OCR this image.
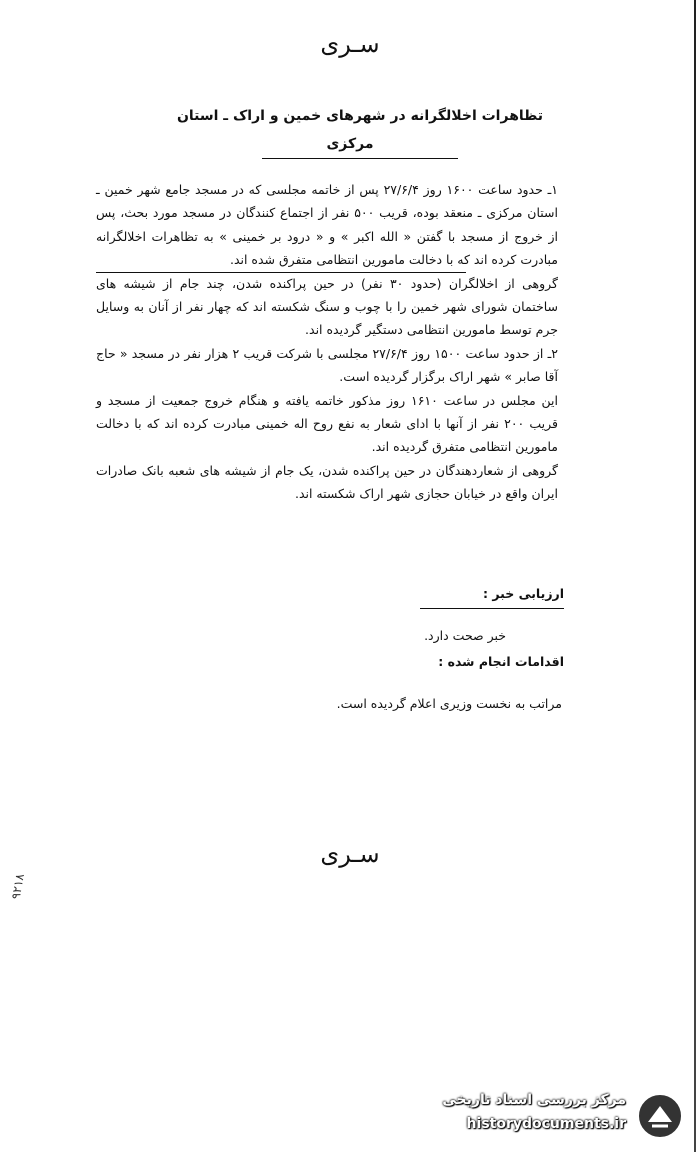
سـری
تظاهرات اخلالگرانه در شهرهای خمین و اراک ـ استان
مرکزی

۱ـ حدود ساعت ۱۶۰۰ روز ۲۷/۶/۴ پس از خاتمه مجلسی که در مسجد جامع شهر خمین ـ استان مرکزی ـ منعقد بوده، قریب ۵۰۰ نفر از اجتماع کنندگان در مسجد مورد بحث، پس از خروج از مسجد با گفتن « الله اکبر » و « درود بر خمینی » به تظاهرات اخلالگرانه مبادرت کرده اند که با دخالت مامورین انتظامی متفرق شده اند.

گروهی از اخلالگران (حدود ۳۰ نفر) در حین پراکنده شدن، چند جام از شیشه های ساختمان شورای شهر خمین را با چوب و سنگ شکسته اند که چهار نفر از آنان به وسایل جرم توسط مامورین انتظامی دستگیر گردیده اند.

۲ـ از حدود ساعت ۱۵۰۰ روز ۲۷/۶/۴ مجلسی با شرکت قریب ۲ هزار نفر در مسجد « حاج آقا صابر » شهر اراک برگزار گردیده است.

این مجلس در ساعت ۱۶۱۰ روز مذکور خاتمه یافته و هنگام خروج جمعیت از مسجد و قریب ۲۰۰ نفر از آنها با ادای شعار به نفع روح اله خمینی مبادرت کرده اند که با دخالت مامورین انتظامی متفرق گردیده اند.

گروهی از شعاردهندگان در حین پراکنده شدن، یک جام از شیشه های شعبه بانک صادرات ایران واقع در خیابان حجازی شهر اراک شکسته اند.

ارزیابی خبر :
خبر صحت دارد.
اقدامات انجام شده :
مراتب به نخست وزیری اعلام گردیده است.
سـری
۹۲۱۸
مرکز بررسی اسناد تاریخی
historydocuments.ir
